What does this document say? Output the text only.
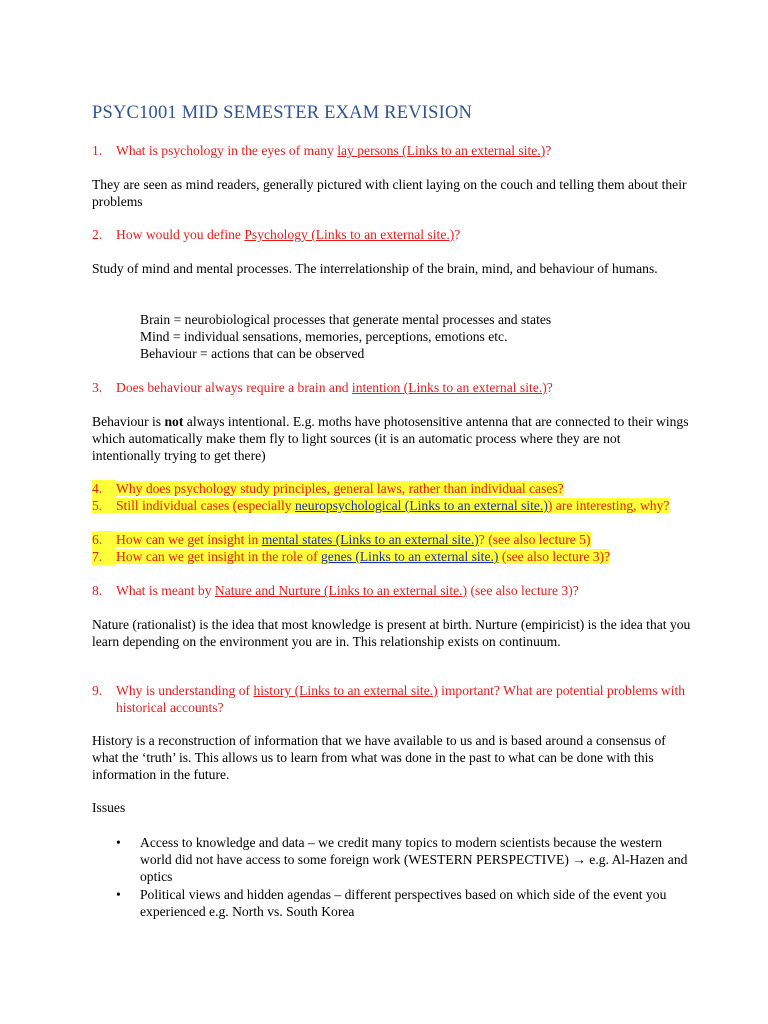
PSYC1001 MID SEMESTER EXAM REVISION
1.	What is psychology in the eyes of many lay persons (Links to an external site.)?

They are seen as mind readers, generally pictured with client laying on the couch and telling them about their problems

2.	How would you define Psychology (Links to an external site.)?

Study of mind and mental processes. The interrelationship of the brain, mind, and behaviour of humans.

Brain = neurobiological processes that generate mental processes and states
Mind = individual sensations, memories, perceptions, emotions etc.
Behaviour = actions that can be observed
3.	Does behaviour always require a brain and intention (Links to an external site.)?

Behaviour is not always intentional. E.g. moths have photosensitive antenna that are connected to their wings which automatically make them fly to light sources (it is an automatic process where they are not intentionally trying to get there)

4.	Why does psychology study principles, general laws, rather than individual cases?
5.	Still individual cases (especially neuropsychological (Links to an external site.)) are interesting, why?
6.	How can we get insight in mental states (Links to an external site.)? (see also lecture 5)
7.	How can we get insight in the role of genes (Links to an external site.) (see also lecture 3)?
8.	What is meant by Nature and Nurture (Links to an external site.) (see also lecture 3)?

Nature (rationalist) is the idea that most knowledge is present at birth. Nurture (empiricist) is the idea that you learn depending on the environment you are in. This relationship exists on continuum.

9.	Why is understanding of history (Links to an external site.) important? What are potential problems with historical accounts?

History is a reconstruction of information that we have available to us and is based around a consensus of what the ‘truth’ is. This allows us to learn from what was done in the past to what can be done with this information in the future.

Issues

• Access to knowledge and data – we credit many topics to modern scientists because the western world did not have access to some foreign work (WESTERN PERSPECTIVE) → e.g. Al-Hazen and optics
• Political views and hidden agendas – different perspectives based on which side of the event you experienced e.g. North vs. South Korea
